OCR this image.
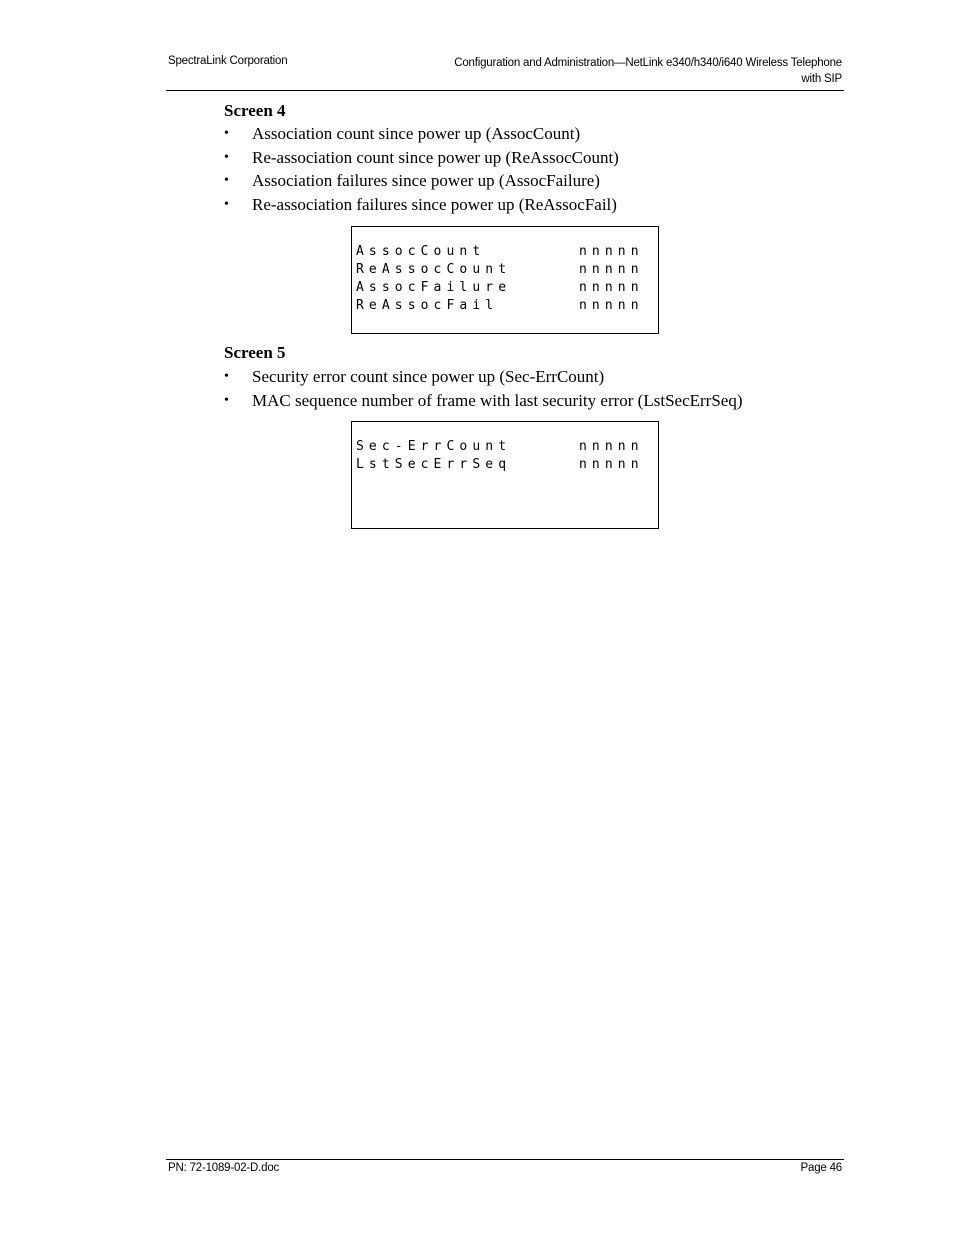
SpectraLink Corporation	Configuration and Administration—NetLink e340/h340/i640 Wireless Telephone
with SIP
Screen 4
• Association count since power up (AssocCount)
• Re-association count since power up (ReAssocCount)
• Association failures since power up (AssocFailure)
• Re-association failures since power up (ReAssocFail)
AssocCount	nnnnn
ReAssocCount	nnnnn
AssocFailure	nnnnn
ReAssocFail	nnnnn
Screen 5
• Security error count since power up (Sec-ErrCount)
• MAC sequence number of frame with last security error (LstSecErrSeq)
Sec-ErrCount	nnnnn
LstSecErrSeq	nnnnn
PN: 72-1089-02-D.doc	Page 46
